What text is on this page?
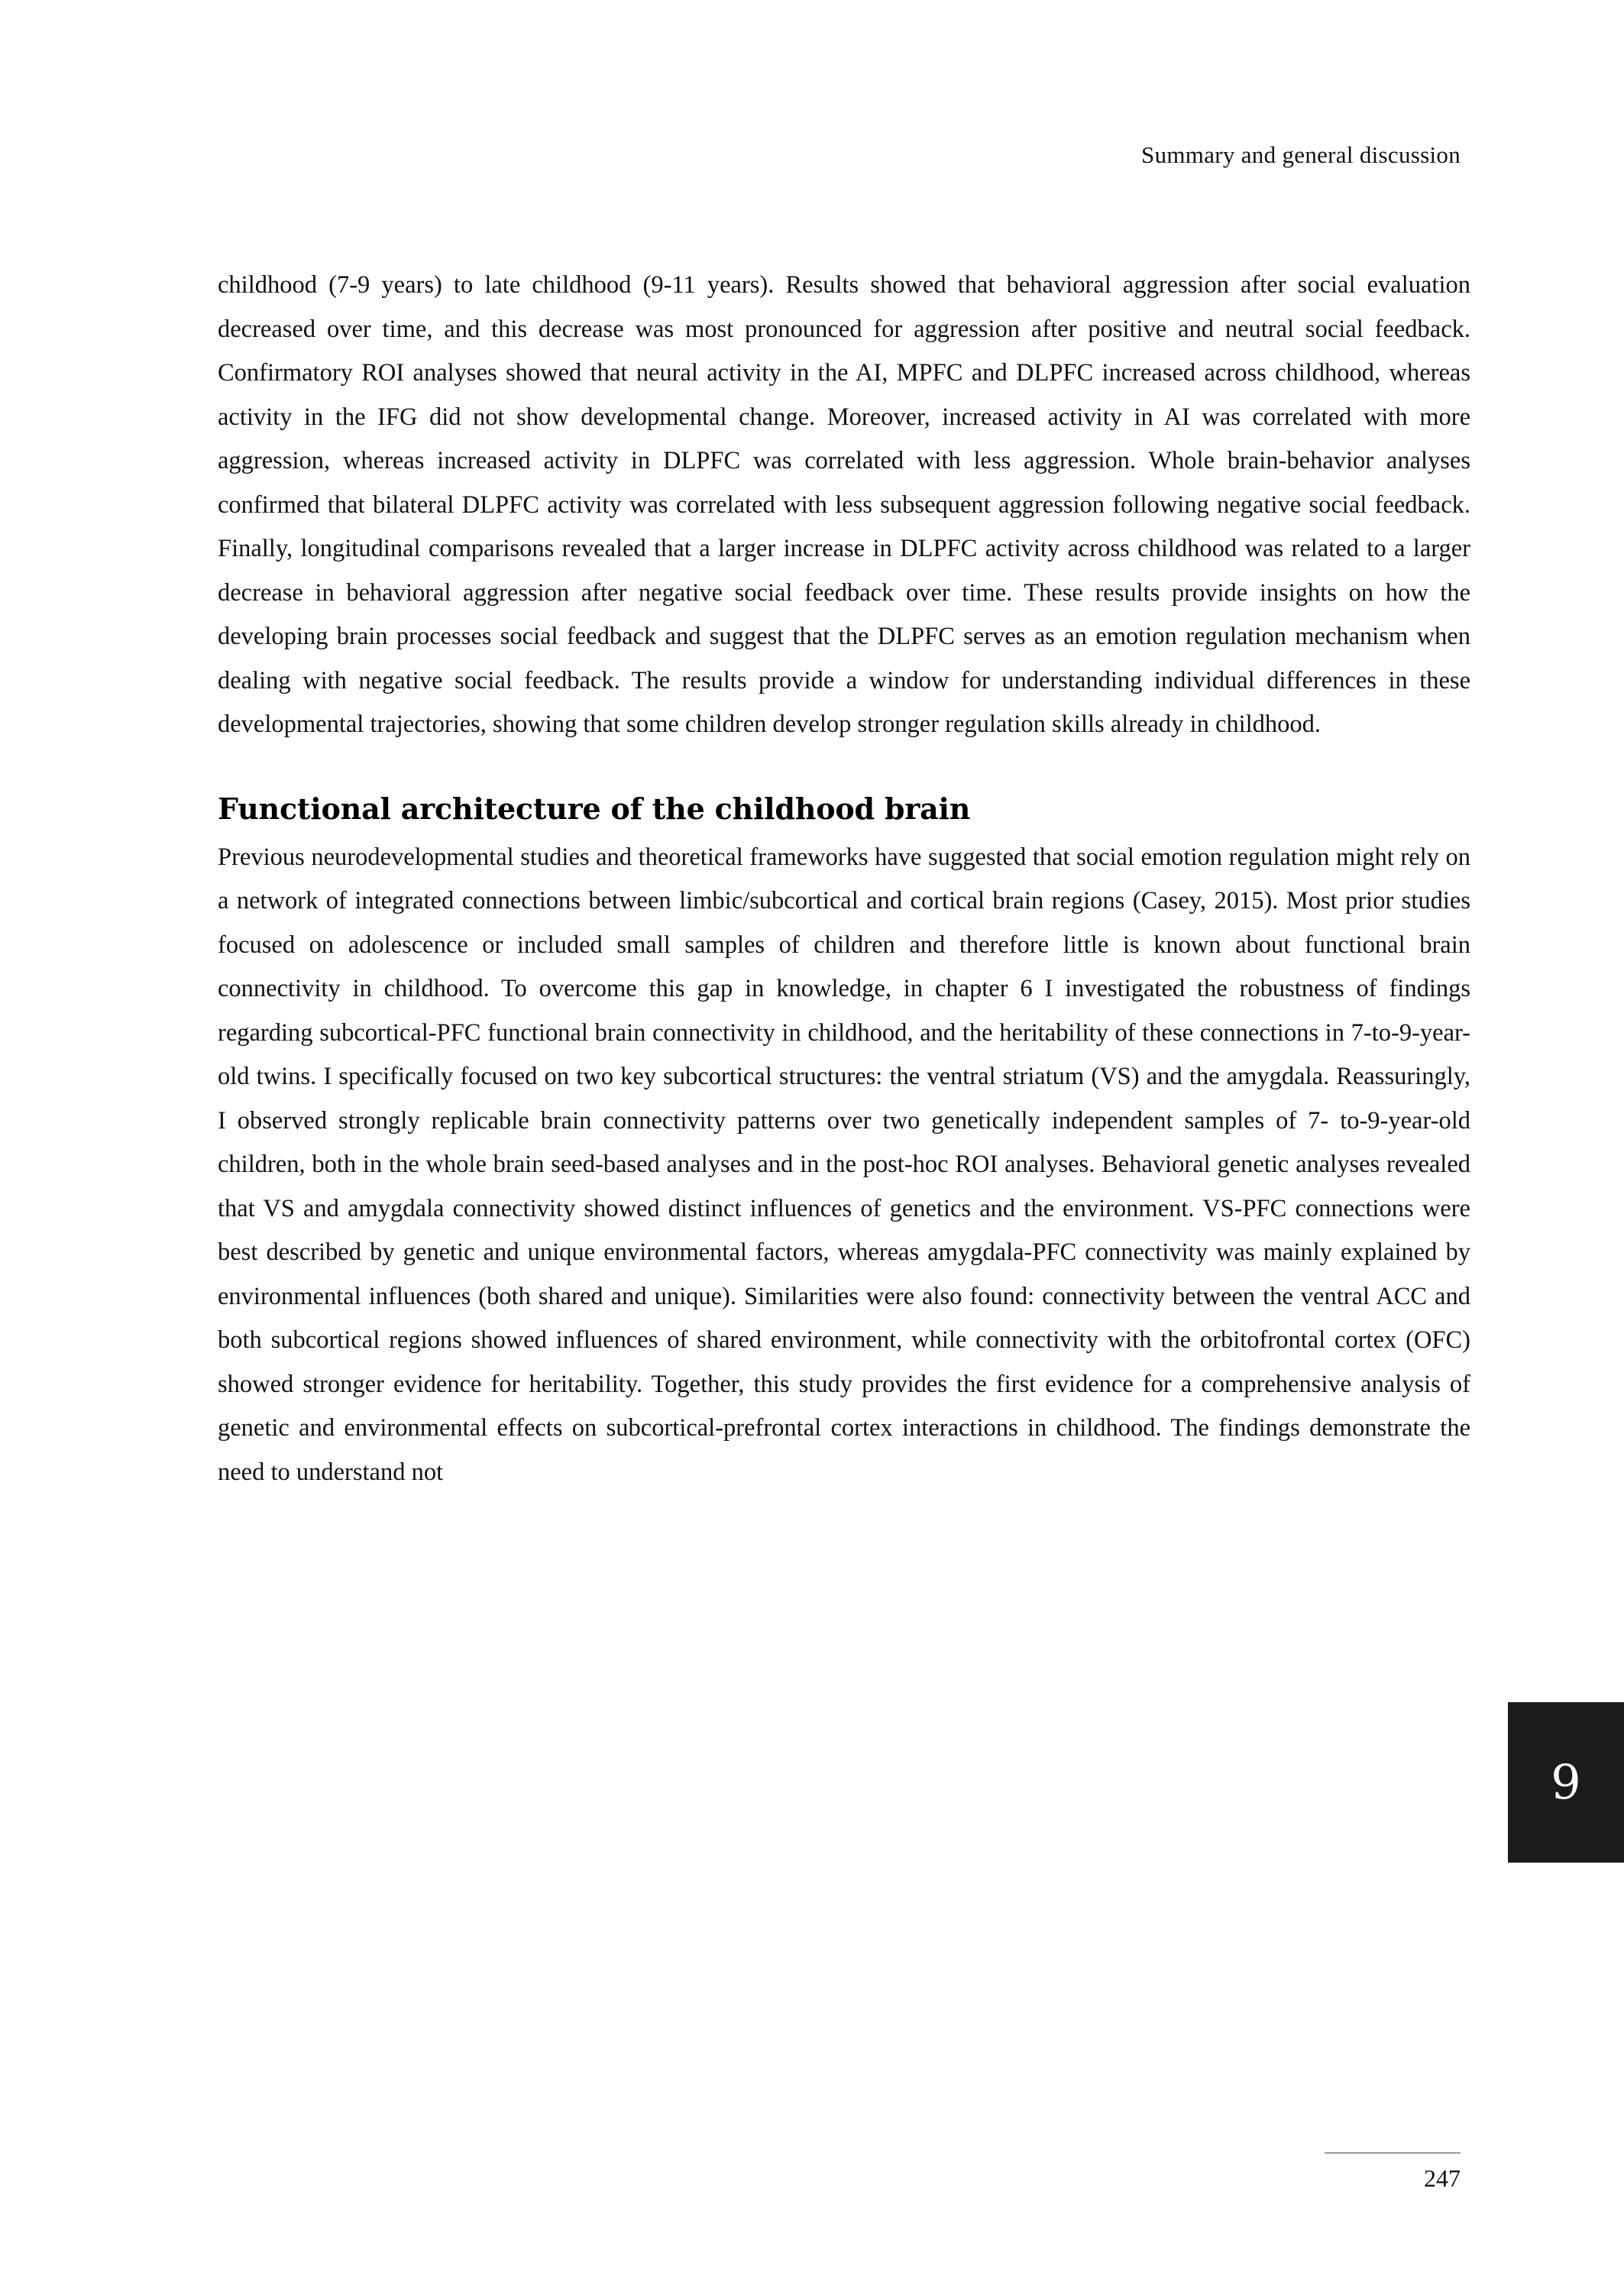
Summary and general discussion

childhood (7-9 years) to late childhood (9-11 years). Results showed that behavioral aggression after social evaluation decreased over time, and this decrease was most pronounced for aggression after positive and neutral social feedback. Confirmatory ROI analyses showed that neural activity in the AI, MPFC and DLPFC increased across childhood, whereas activity in the IFG did not show developmental change. Moreover, increased activity in AI was correlated with more aggression, whereas increased activity in DLPFC was correlated with less aggression. Whole brain-behavior analyses confirmed that bilateral DLPFC activity was correlated with less subsequent aggression following negative social feedback. Finally, longitudinal comparisons revealed that a larger increase in DLPFC activity across childhood was related to a larger decrease in behavioral aggression after negative social feedback over time. These results provide insights on how the developing brain processes social feedback and suggest that the DLPFC serves as an emotion regulation mechanism when dealing with negative social feedback. The results provide a window for understanding individual differences in these developmental trajectories, showing that some children develop stronger regulation skills already in childhood.

Functional architecture of the childhood brain

Previous neurodevelopmental studies and theoretical frameworks have suggested that social emotion regulation might rely on a network of integrated connections between limbic/subcortical and cortical brain regions (Casey, 2015). Most prior studies focused on adolescence or included small samples of children and therefore little is known about functional brain connectivity in childhood. To overcome this gap in knowledge, in chapter 6 I investigated the robustness of findings regarding subcortical-PFC functional brain connectivity in childhood, and the heritability of these connections in 7-to-9-year-old twins. I specifically focused on two key subcortical structures: the ventral striatum (VS) and the amygdala. Reassuringly, I observed strongly replicable brain connectivity patterns over two genetically independent samples of 7- to-9-year-old children, both in the whole brain seed-based analyses and in the post-hoc ROI analyses. Behavioral genetic analyses revealed that VS and amygdala connectivity showed distinct influences of genetics and the environment. VS-PFC connections were best described by genetic and unique environmental factors, whereas amygdala-PFC connectivity was mainly explained by environmental influences (both shared and unique). Similarities were also found: connectivity between the ventral ACC and both subcortical regions showed influences of shared environment, while connectivity with the orbitofrontal cortex (OFC) showed stronger evidence for heritability. Together, this study provides the first evidence for a comprehensive analysis of genetic and environmental effects on subcortical-prefrontal cortex interactions in childhood. The findings demonstrate the need to understand not

9
247
